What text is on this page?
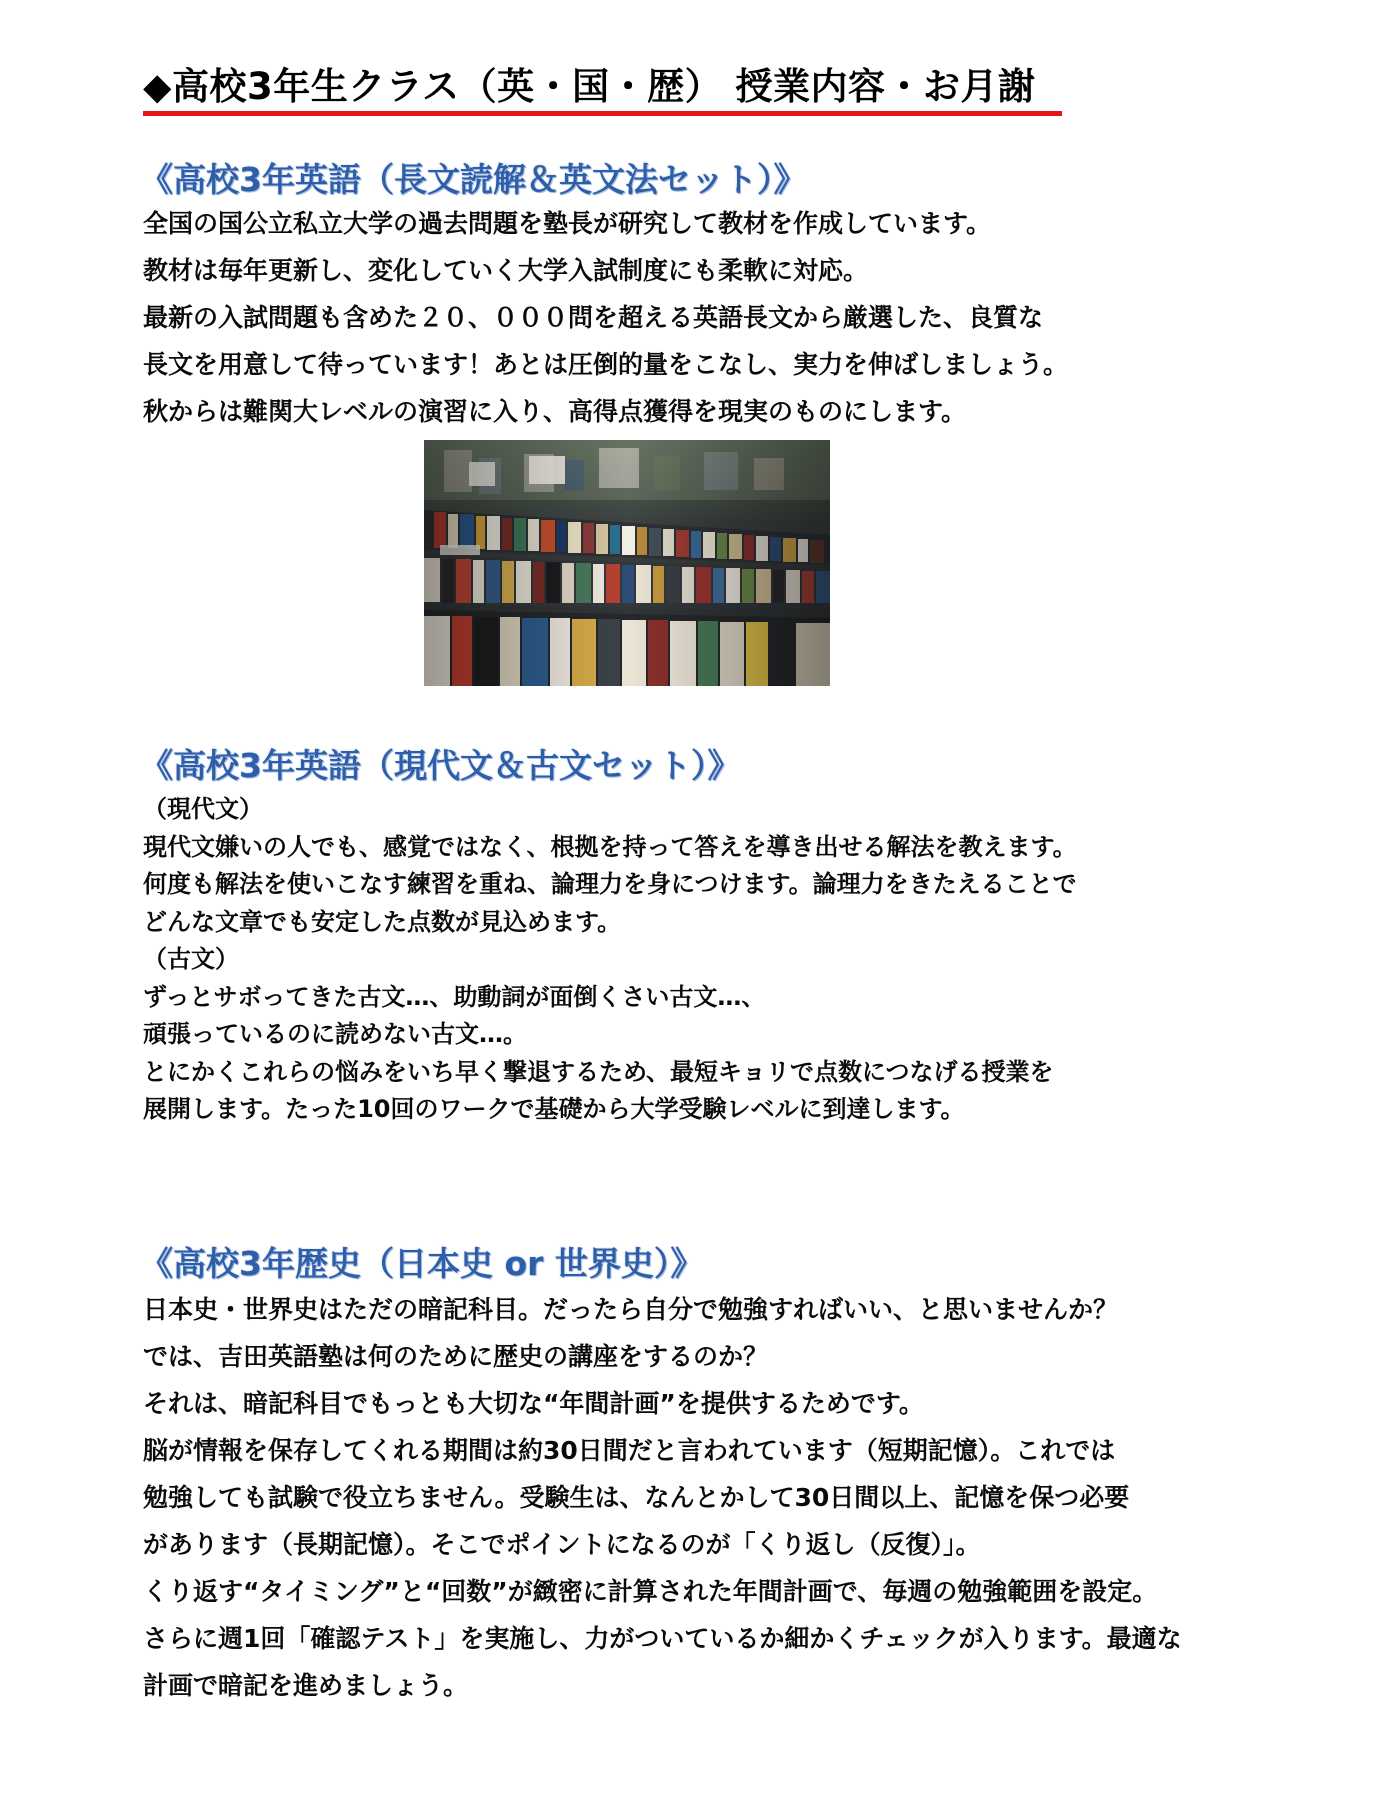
◆高校3年生クラス（英・国・歴） 授業内容・お月謝
《高校3年英語（長文読解＆英文法セット）》
全国の国公立私立大学の過去問題を塾長が研究して教材を作成しています。
教材は毎年更新し、変化していく大学入試制度にも柔軟に対応。
最新の入試問題も含めた２０、０００問を超える英語長文から厳選した、良質な
長文を用意して待っています！あとは圧倒的量をこなし、実力を伸ばしましょう。
秋からは難関大レベルの演習に入り、高得点獲得を現実のものにします。
《高校3年英語（現代文＆古文セット）》
（現代文）
現代文嫌いの人でも、感覚ではなく、根拠を持って答えを導き出せる解法を教えます。
何度も解法を使いこなす練習を重ね、論理力を身につけます。論理力をきたえることで
どんな文章でも安定した点数が見込めます。
（古文）
ずっとサボってきた古文…、助動詞が面倒くさい古文…、
頑張っているのに読めない古文…。
とにかくこれらの悩みをいち早く撃退するため、最短キョリで点数につなげる授業を
展開します。たった10回のワークで基礎から大学受験レベルに到達します。
《高校3年歴史（日本史 or 世界史）》
日本史・世界史はただの暗記科目。だったら自分で勉強すればいい、と思いませんか？
では、吉田英語塾は何のために歴史の講座をするのか？
それは、暗記科目でもっとも大切な“年間計画”を提供するためです。
脳が情報を保存してくれる期間は約30日間だと言われています（短期記憶）。これでは
勉強しても試験で役立ちません。受験生は、なんとかして30日間以上、記憶を保つ必要
があります（長期記憶）。そこでポイントになるのが「くり返し（反復）」。
くり返す“タイミング”と“回数”が緻密に計算された年間計画で、毎週の勉強範囲を設定。
さらに週1回「確認テスト」を実施し、力がついているか細かくチェックが入ります。最適な
計画で暗記を進めましょう。
